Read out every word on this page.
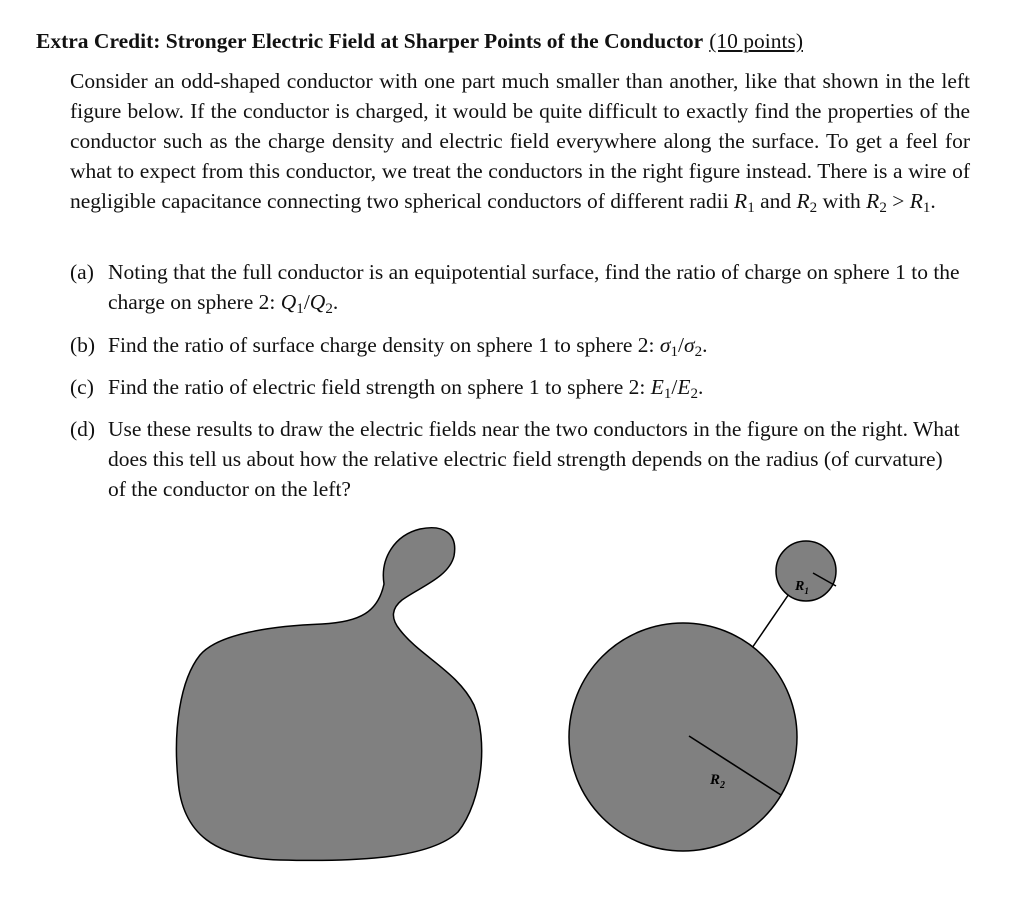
Extra Credit: Stronger Electric Field at Sharper Points of the Conductor (10 points)
Consider an odd-shaped conductor with one part much smaller than another, like that shown in the left figure below. If the conductor is charged, it would be quite difficult to exactly find the properties of the conductor such as the charge density and electric field everywhere along the surface. To get a feel for what to expect from this conductor, we treat the conductors in the right figure instead. There is a wire of negligible capacitance connecting two spherical conductors of different radii $R_1$ and $R_2$ with $R_2 > R_1$.
(a) Noting that the full conductor is an equipotential surface, find the ratio of charge on sphere 1 to the charge on sphere 2: $Q_1/Q_2$.
(b) Find the ratio of surface charge density on sphere 1 to sphere 2: $\sigma_1/\sigma_2$.
(c) Find the ratio of electric field strength on sphere 1 to sphere 2: $E_1/E_2$.
(d) Use these results to draw the electric fields near the two conductors in the figure on the right. What does this tell us about how the relative electric field strength depends on the radius (of curvature) of the conductor on the left?
$R_2$
$R_1$
